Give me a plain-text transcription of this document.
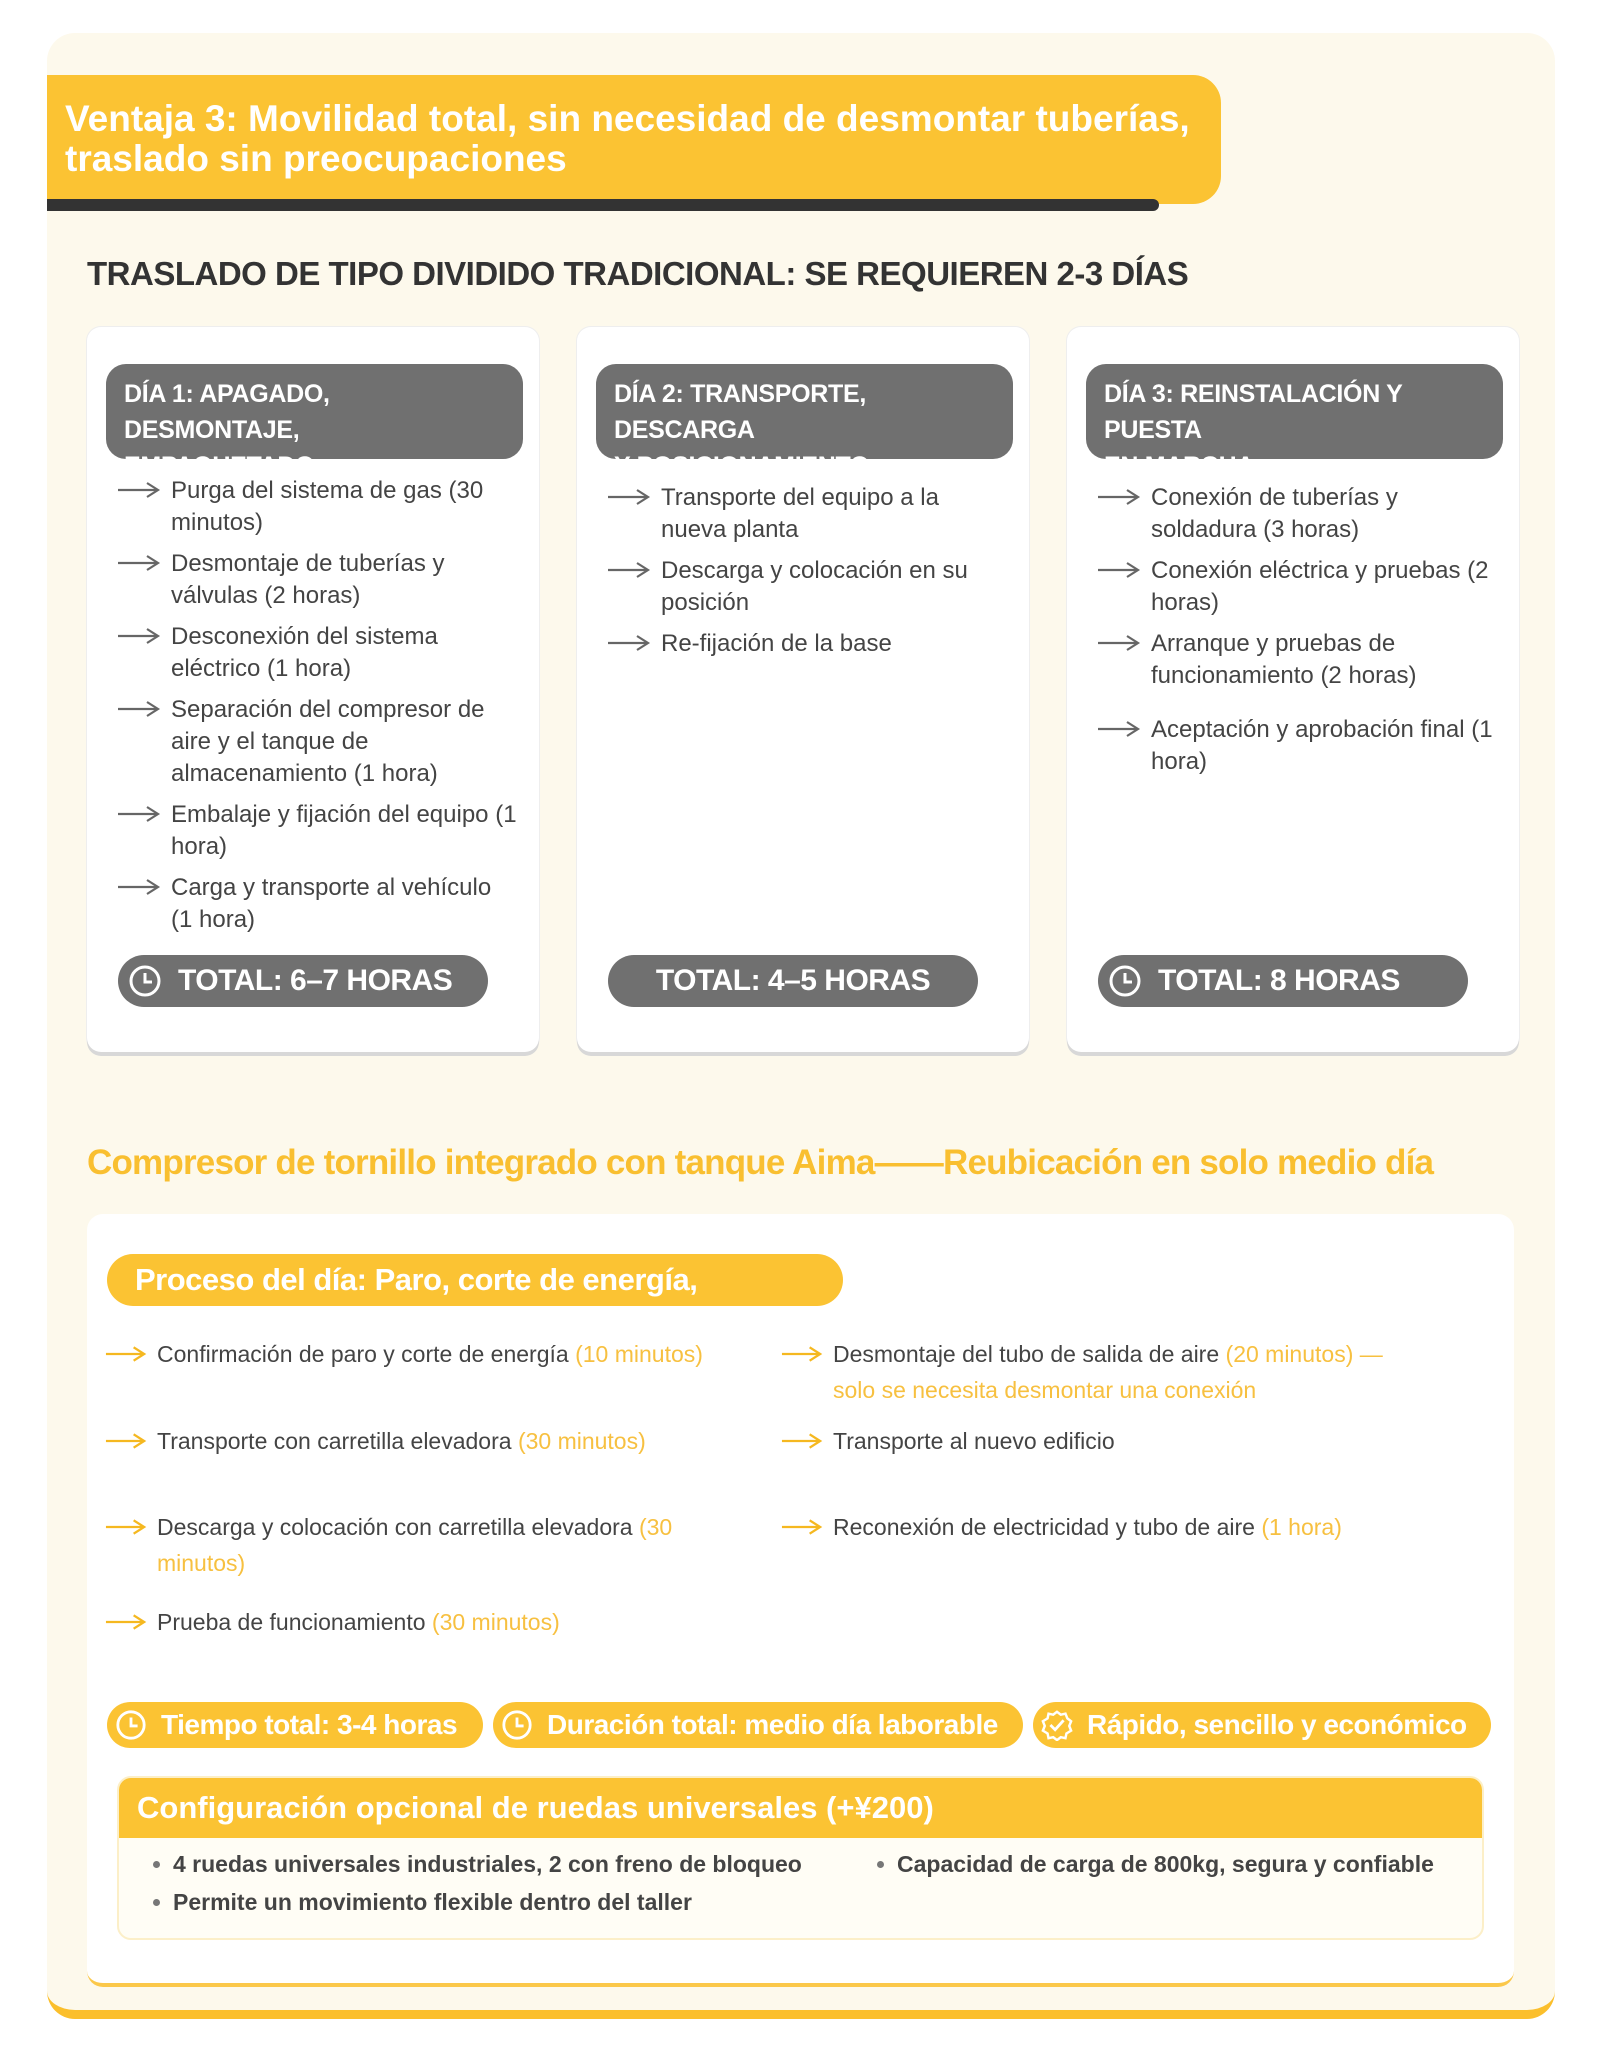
Ventaja 3: Movilidad total, sin necesidad de desmontar tuberías,
traslado sin preocupaciones
TRASLADO DE TIPO DIVIDIDO TRADICIONAL: SE REQUIEREN 2-3 DÍAS
DÍA 1: APAGADO, DESMONTAJE,
EMPAQUETADO
Purga del sistema de gas (30 minutos)
Desmontaje de tuberías y válvulas (2 horas)
Desconexión del sistema eléctrico (1 hora)
Separación del compresor de aire y el tanque de almacenamiento (1 hora)
Embalaje y fijación del equipo (1 hora)
Carga y transporte al vehículo (1 hora)
TOTAL: 6–7 HORAS
DÍA 2: TRANSPORTE, DESCARGA
Y POSICIONAMIENTO
Transporte del equipo a la nueva planta
Descarga y colocación en su posición
Re-fijación de la base
TOTAL: 4–5 HORAS
DÍA 3: REINSTALACIÓN Y PUESTA
EN MARCHA
Conexión de tuberías y soldadura (3 horas)
Conexión eléctrica y pruebas (2 horas)
Arranque y pruebas de funcionamiento (2 horas)
Aceptación y aprobación final (1 hora)
TOTAL: 8 HORAS
Compresor de tornillo integrado con tanque Aima——Reubicación en solo medio día
Proceso del día: Paro, corte de energía, transporte
Confirmación de paro y corte de energía (10 minutos)	Desmontaje del tubo de salida de aire (20 minutos) —
solo se necesita desmontar una conexión
Transporte con carretilla elevadora (30 minutos)	Transporte al nuevo edificio
Descarga y colocación con carretilla elevadora (30
minutos)
Reconexión de electricidad y tubo de aire (1 hora)
Prueba de funcionamiento (30 minutos)
Tiempo total: 3-4 horas	Duración total: medio día laborable	Rápido, sencillo y económico
Configuración opcional de ruedas universales (+¥200)
4 ruedas universales industriales, 2 con freno de bloqueo	Capacidad de carga de 800kg, segura y confiable
Permite un movimiento flexible dentro del taller
